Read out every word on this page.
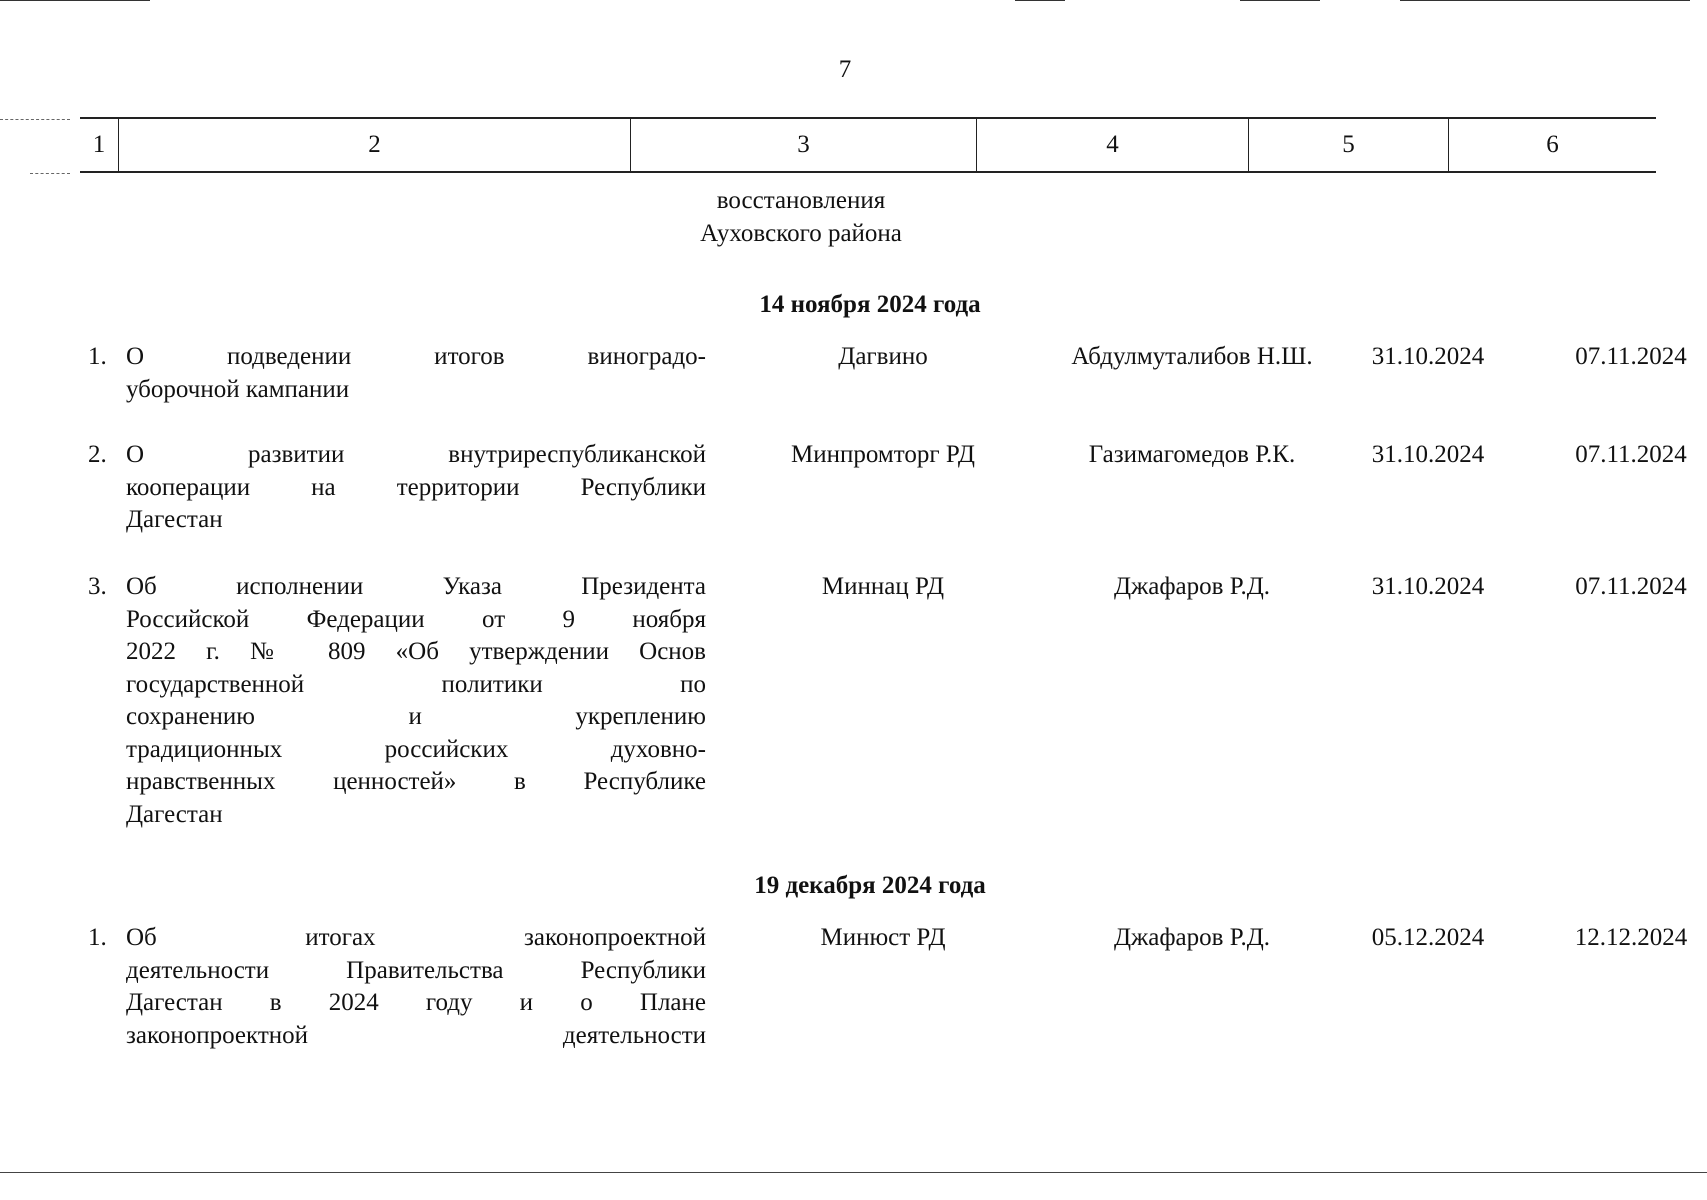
7
1	2	3	4	5	6
восстановления
Ауховского района
14 ноября 2024 года
1. О подведении итогов виноградо-
уборочной кампании
Дагвино	Абдулмуталибов Н.Ш.	31.10.2024	07.11.2024
2. О развитии внутриреспубликанской
кооперации на территории Республики
Дагестан
Минпромторг РД	Газимагомедов Р.К.	31.10.2024	07.11.2024
3. Об исполнении Указа Президента
Российской Федерации от 9 ноября
2022 г. № 809 «Об утверждении Основ
государственной политики по
сохранению и укреплению
традиционных российских духовно-
нравственных ценностей» в Республике
Дагестан
Миннац РД	Джафаров Р.Д.	31.10.2024	07.11.2024
19 декабря 2024 года
1. Об итогах законопроектной
деятельности Правительства Республики
Дагестан в 2024 году и о Плане
законопроектной деятельности
Минюст РД	Джафаров Р.Д.	05.12.2024	12.12.2024
